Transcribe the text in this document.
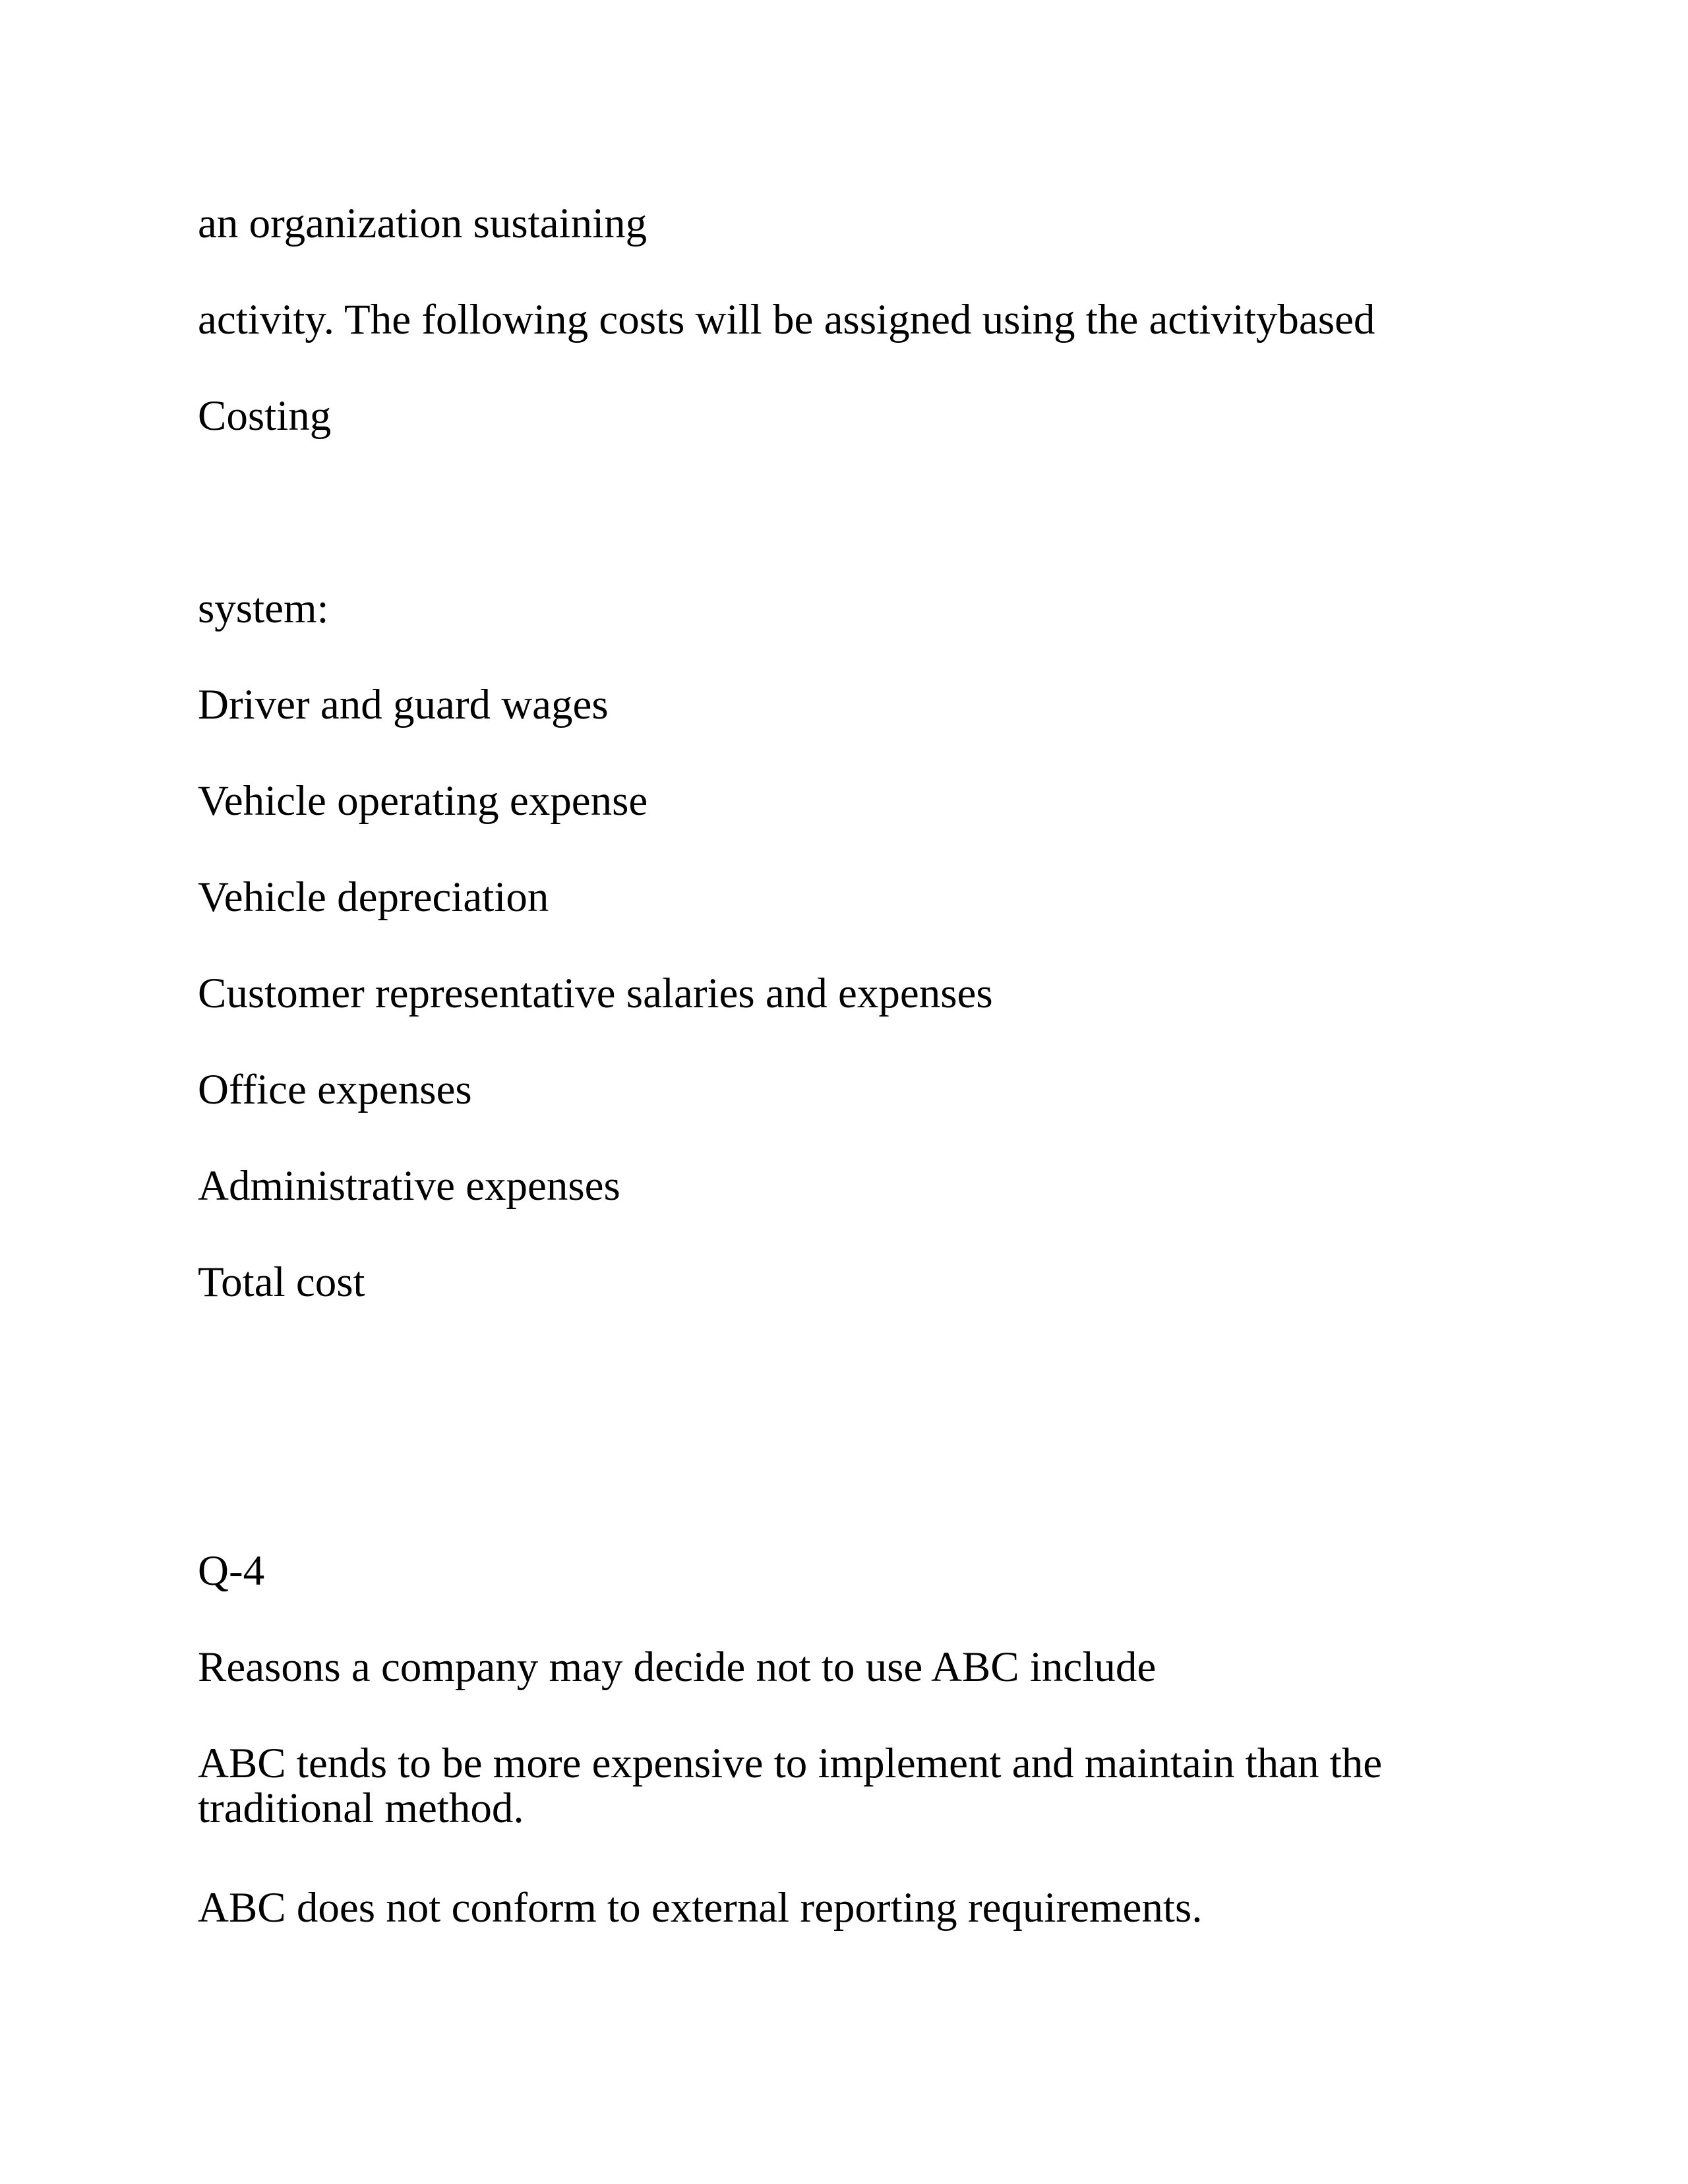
an organization sustaining

activity. The following costs will be assigned using the activitybased

Costing

system:

Driver and guard wages

Vehicle operating expense

Vehicle depreciation

Customer representative salaries and expenses

Office expenses

Administrative expenses

Total cost

Q-4

Reasons a company may decide not to use ABC include

ABC tends to be more expensive to implement and maintain than the traditional method.

ABC does not conform to external reporting requirements.
